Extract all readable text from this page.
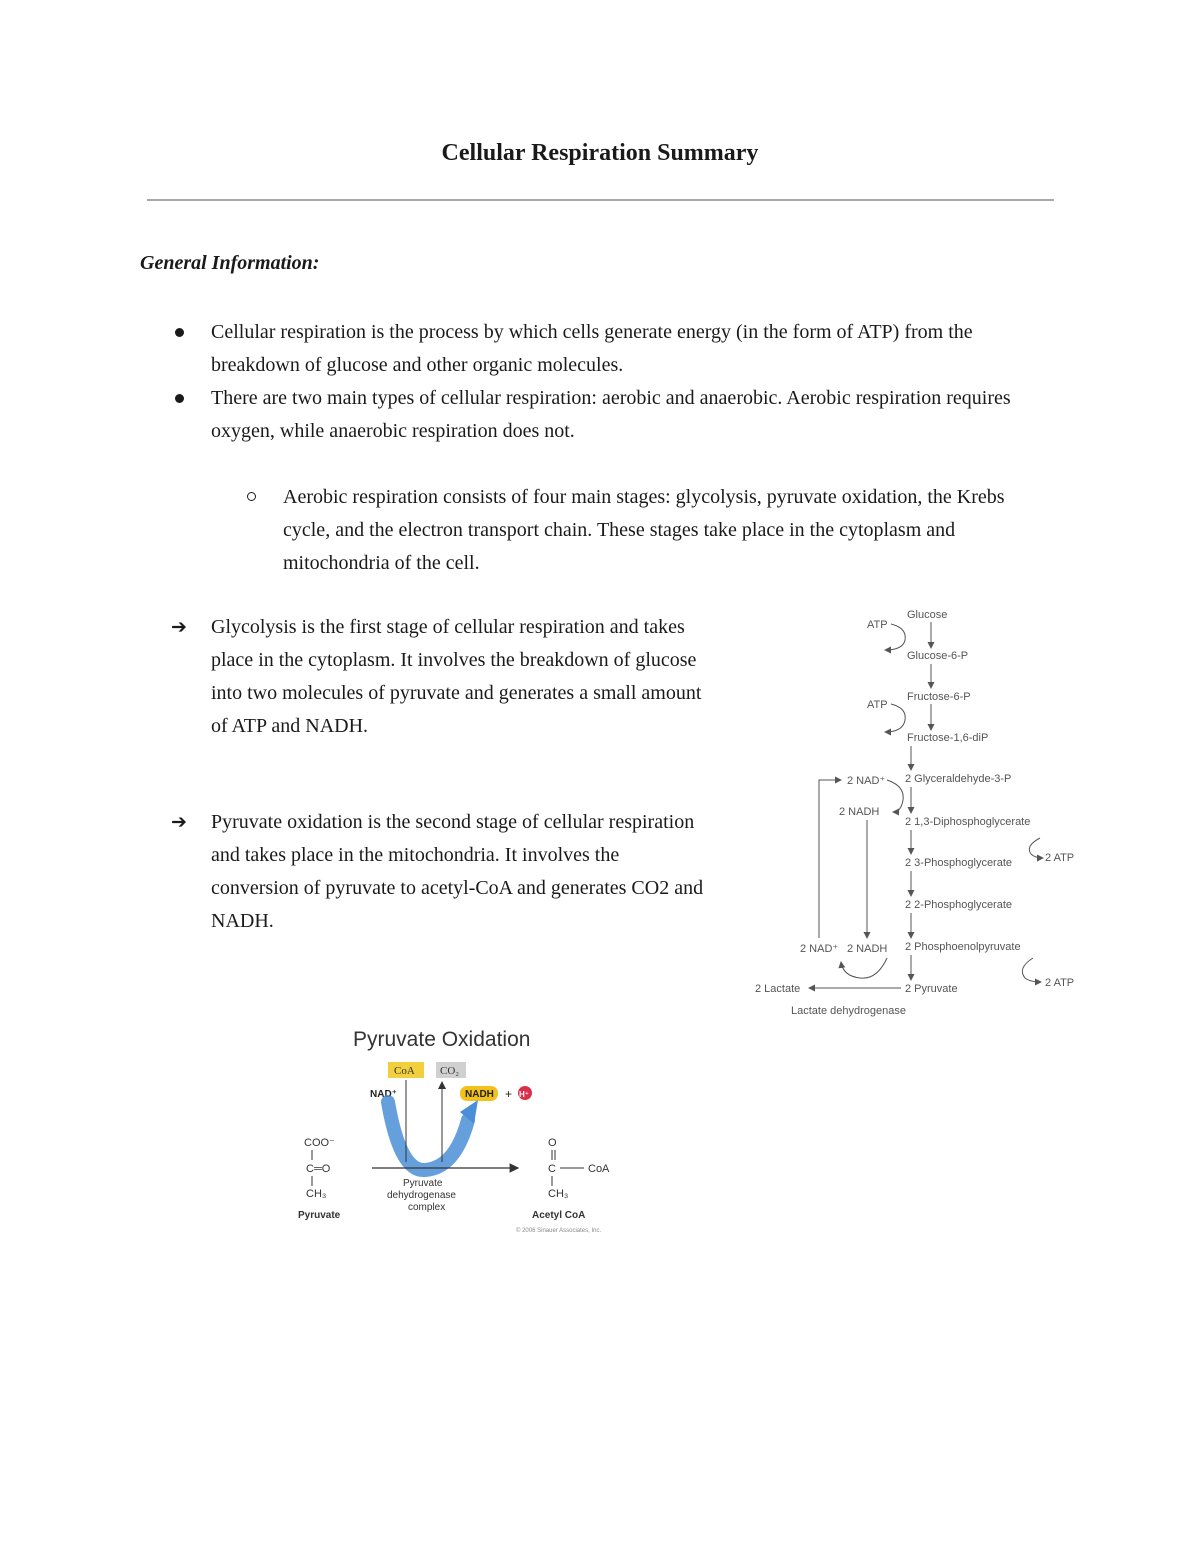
Cellular Respiration Summary
General Information:
Cellular respiration is the process by which cells generate energy (in the form of ATP) from the breakdown of glucose and other organic molecules.
There are two main types of cellular respiration: aerobic and anaerobic. Aerobic respiration requires oxygen, while anaerobic respiration does not.
Aerobic respiration consists of four main stages: glycolysis, pyruvate oxidation, the Krebs cycle, and the electron transport chain. These stages take place in the cytoplasm and mitochondria of the cell.
➔ Glycolysis is the first stage of cellular respiration and takes place in the cytoplasm. It involves the breakdown of glucose into two molecules of pyruvate and generates a small amount of ATP and NADH.
➔ Pyruvate oxidation is the second stage of cellular respiration and takes place in the mitochondria. It involves the conversion of pyruvate to acetyl-CoA and generates CO2 and NADH.
Glucose
ATP
Glucose-6-P
ATP
Fructose-6-P
Fructose-1,6-diP
2 Glyceraldehyde-3-P
2 NAD⁺
2 NADH
2 1,3-Diphosphoglycerate
2 3-Phosphoglycerate	2 ATP
2 2-Phosphoglycerate
2 Phosphoenolpyruvate
2 ATP
2 NAD⁺ 2 NADH
2 Lactate	2 Pyruvate
Lactate dehydrogenase
Pyruvate Oxidation
CoA CO₂
NAD⁺	NADH + H⁺
COO⁻
C═O
CH₃
Pyruvate
Pyruvate
dehydrogenase
complex
O
C	CoA
CH₃
Acetyl CoA
© 2006 Sinauer Associates, Inc.
